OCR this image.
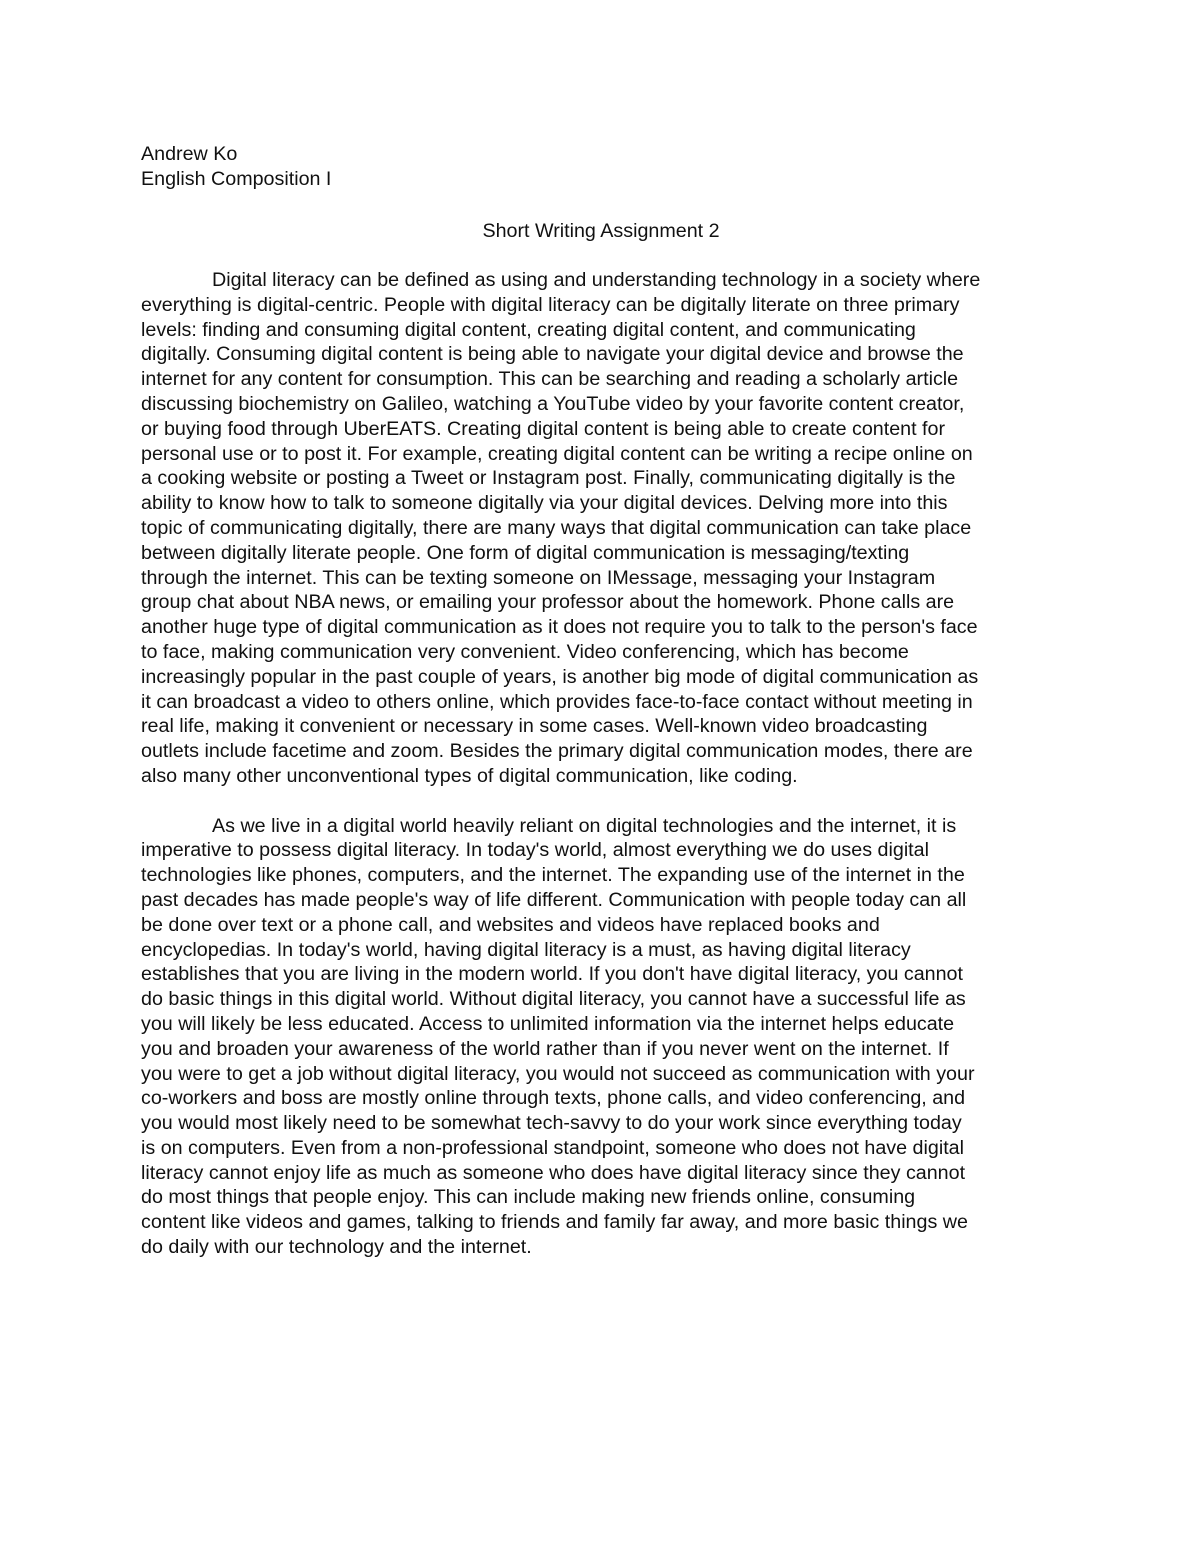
Andrew Ko
English Composition I
Short Writing Assignment 2
Digital literacy can be defined as using and understanding technology in a society where
everything is digital-centric. People with digital literacy can be digitally literate on three primary
levels: finding and consuming digital content, creating digital content, and communicating
digitally. Consuming digital content is being able to navigate your digital device and browse the
internet for any content for consumption. This can be searching and reading a scholarly article
discussing biochemistry on Galileo, watching a YouTube video by your favorite content creator,
or buying food through UberEATS. Creating digital content is being able to create content for
personal use or to post it. For example, creating digital content can be writing a recipe online on
a cooking website or posting a Tweet or Instagram post. Finally, communicating digitally is the
ability to know how to talk to someone digitally via your digital devices. Delving more into this
topic of communicating digitally, there are many ways that digital communication can take place
between digitally literate people. One form of digital communication is messaging/texting
through the internet. This can be texting someone on IMessage, messaging your Instagram
group chat about NBA news, or emailing your professor about the homework. Phone calls are
another huge type of digital communication as it does not require you to talk to the person's face
to face, making communication very convenient. Video conferencing, which has become
increasingly popular in the past couple of years, is another big mode of digital communication as
it can broadcast a video to others online, which provides face-to-face contact without meeting in
real life, making it convenient or necessary in some cases. Well-known video broadcasting
outlets include facetime and zoom. Besides the primary digital communication modes, there are
also many other unconventional types of digital communication, like coding.
As we live in a digital world heavily reliant on digital technologies and the internet, it is
imperative to possess digital literacy. In today's world, almost everything we do uses digital
technologies like phones, computers, and the internet. The expanding use of the internet in the
past decades has made people's way of life different. Communication with people today can all
be done over text or a phone call, and websites and videos have replaced books and
encyclopedias. In today's world, having digital literacy is a must, as having digital literacy
establishes that you are living in the modern world. If you don't have digital literacy, you cannot
do basic things in this digital world. Without digital literacy, you cannot have a successful life as
you will likely be less educated. Access to unlimited information via the internet helps educate
you and broaden your awareness of the world rather than if you never went on the internet. If
you were to get a job without digital literacy, you would not succeed as communication with your
co-workers and boss are mostly online through texts, phone calls, and video conferencing, and
you would most likely need to be somewhat tech-savvy to do your work since everything today
is on computers. Even from a non-professional standpoint, someone who does not have digital
literacy cannot enjoy life as much as someone who does have digital literacy since they cannot
do most things that people enjoy. This can include making new friends online, consuming
content like videos and games, talking to friends and family far away, and more basic things we
do daily with our technology and the internet.
